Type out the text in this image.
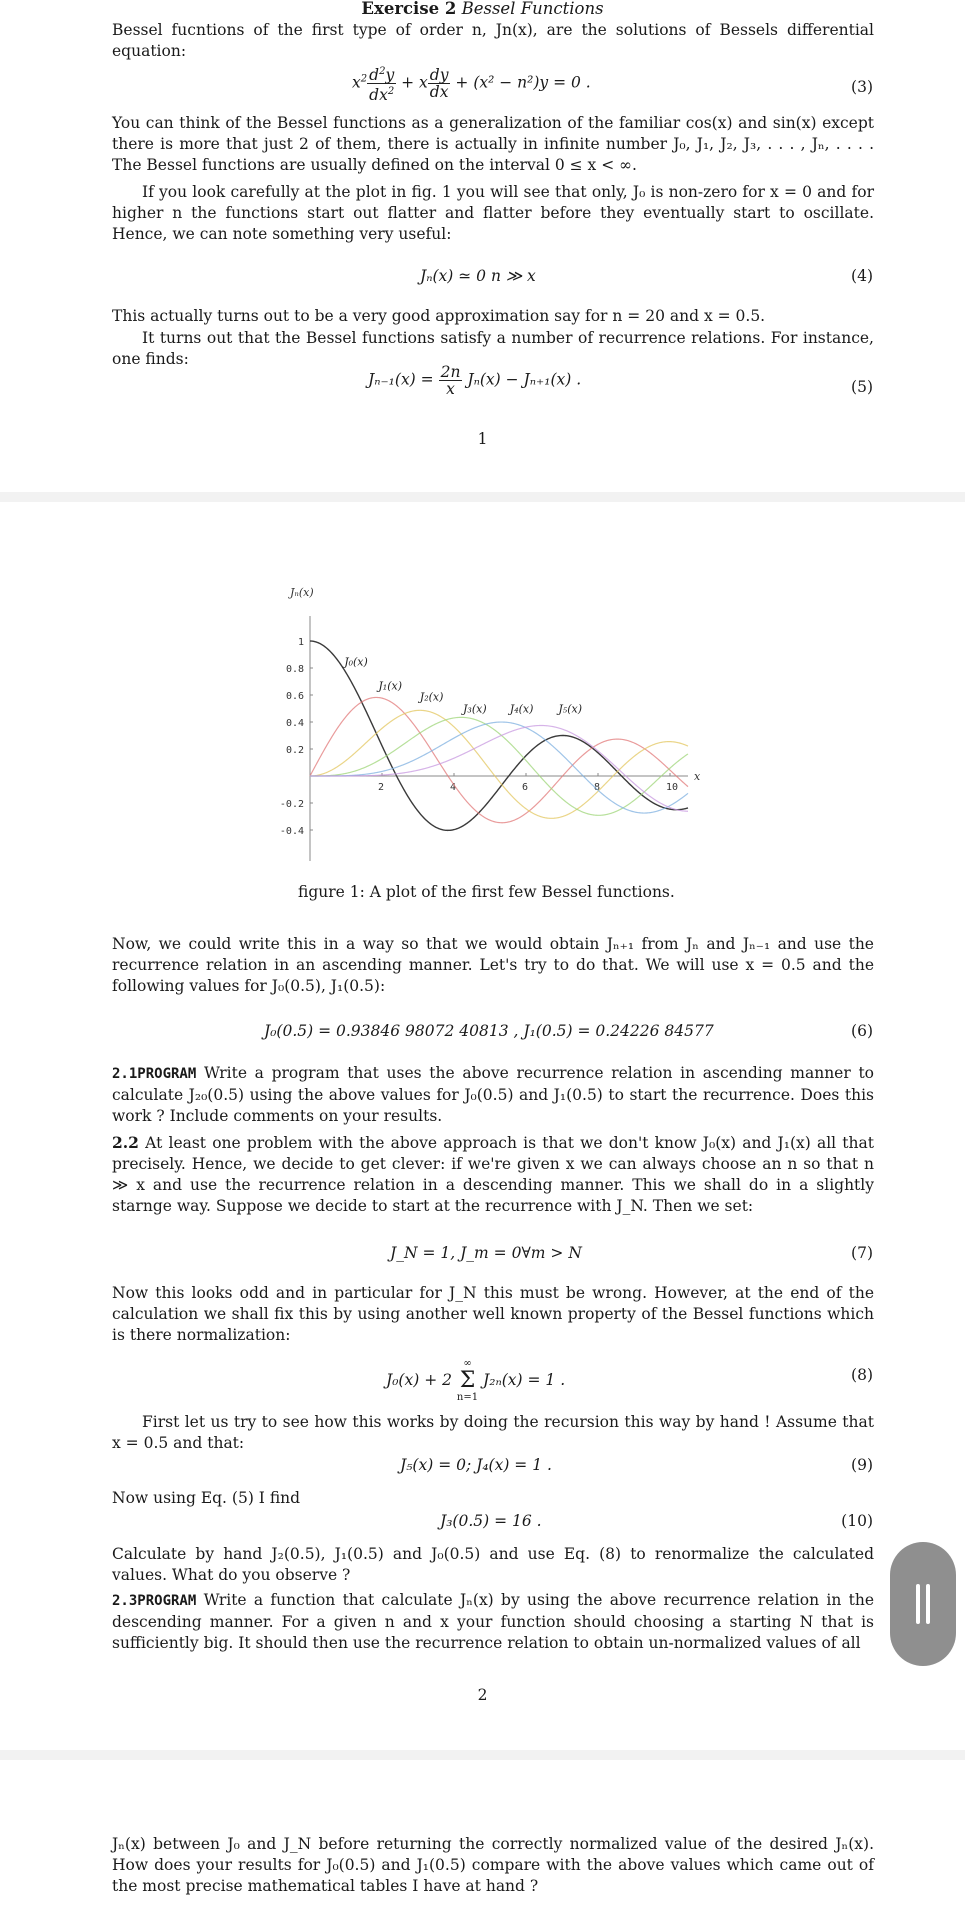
Exercise 2 Bessel Functions
Bessel fucntions of the first type of order n, Jn(x), are the solutions of Bessels differential equation:
$x^2 \frac{d^2y}{dx^2} + x \frac{dy}{dx} + (x^2 - n^2)y = 0$ .	(3)
You can think of the Bessel functions as a generalization of the familiar cos(x) and sin(x) except there is more that just 2 of them, there is actually in infinite number J₀, J₁, J₂, J₃, . . . , Jₙ, . . . . The Bessel functions are usually defined on the interval 0 ≤ x < ∞.
If you look carefully at the plot in fig. 1 you will see that only, J₀ is non-zero for x = 0 and for higher n the functions start out flatter and flatter before they eventually start to oscillate. Hence, we can note something very useful:
Jₙ(x) ≃ 0 n ≫ x	(4)
This actually turns out to be a very good approximation say for n = 20 and x = 0.5.
It turns out that the Bessel functions satisfy a number of recurrence relations. For instance, one finds:
$J_{n-1}(x) = \frac{2n}{x} J_n(x) - J_{n+1}(x)$ .	(5)
1
Jₙ(x)
x
2	4	6	8	10
1
0.8
0.6
0.4
0.2
-0.2
-0.4
J₀(x)
J₁(x)
J₂(x)
J₃(x) J₄(x) J₅(x)
figure 1: A plot of the first few Bessel functions.
Now, we could write this in a way so that we would obtain Jₙ₊₁ from Jₙ and Jₙ₋₁ and use the recurrence relation in an ascending manner. Let's try to do that. We will use x = 0.5 and the following values for J₀(0.5), J₁(0.5):
J₀(0.5) = 0.93846 98072 40813 , J₁(0.5) = 0.24226 84577	(6)
2.1PROGRAM Write a program that uses the above recurrence relation in ascending manner to calculate J₂₀(0.5) using the above values for J₀(0.5) and J₁(0.5) to start the recurrence. Does this work ? Include comments on your results.
2.2 At least one problem with the above approach is that we don't know J₀(x) and J₁(x) all that precisely. Hence, we decide to get clever: if we're given x we can always choose an n so that n ≫ x and use the recurrence relation in a descending manner. This we shall do in a slightly starnge way. Suppose we decide to start at the recurrence with J_N. Then we set:
J_N = 1, J_m = 0∀m > N	(7)
Now this looks odd and in particular for J_N this must be wrong. However, at the end of the calculation we shall fix this by using another well known property of the Bessel functions which is there normalization:
J₀(x) + 2
∞
Σ
n=1
J₂ₙ(x) = 1 .	(8)
First let us try to see how this works by doing the recursion this way by hand ! Assume that x = 0.5 and that:
J₅(x) = 0; J₄(x) = 1 .	(9)
Now using Eq. (5) I find
J₃(0.5) = 16 .	(10)
Calculate by hand J₂(0.5), J₁(0.5) and J₀(0.5) and use Eq. (8) to renormalize the calculated values. What do you observe ?
2.3PROGRAM Write a function that calculate Jₙ(x) by using the above recurrence relation in the descending manner. For a given n and x your function should choosing a starting N that is sufficiently big. It should then use the recurrence relation to obtain un-normalized values of all
2
Jₙ(x) between J₀ and J_N before returning the correctly normalized value of the desired Jₙ(x). How does your results for J₀(0.5) and J₁(0.5) compare with the above values which came out of the most precise mathematical tables I have at hand ?
